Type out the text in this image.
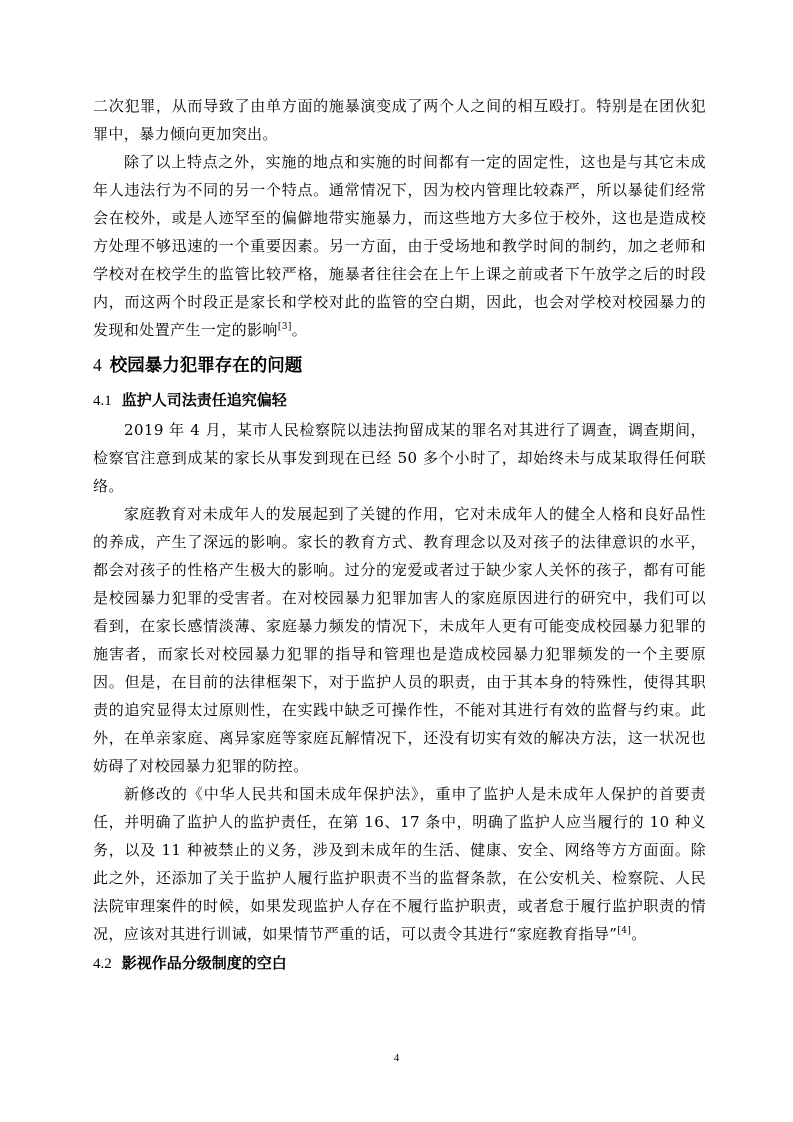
二次犯罪，从而导致了由单方面的施暴演变成了两个人之间的相互殴打。特别是在团伙犯罪中，暴力倾向更加突出。

除了以上特点之外，实施的地点和实施的时间都有一定的固定性，这也是与其它未成年人违法行为不同的另一个特点。通常情况下，因为校内管理比较森严，所以暴徒们经常会在校外，或是人迹罕至的偏僻地带实施暴力，而这些地方大多位于校外，这也是造成校方处理不够迅速的一个重要因素。另一方面，由于受场地和教学时间的制约，加之老师和学校对在校学生的监管比较严格，施暴者往往会在上午上课之前或者下午放学之后的时段内，而这两个时段正是家长和学校对此的监管的空白期，因此，也会对学校对校园暴力的发现和处置产生一定的影响[3]。

4 校园暴力犯罪存在的问题
4.1 监护人司法责任追究偏轻

2019 年 4 月，某市人民检察院以违法拘留成某的罪名对其进行了调查，调查期间，检察官注意到成某的家长从事发到现在已经 50 多个小时了，却始终未与成某取得任何联络。

家庭教育对未成年人的发展起到了关键的作用，它对未成年人的健全人格和良好品性的养成，产生了深远的影响。家长的教育方式、教育理念以及对孩子的法律意识的水平，都会对孩子的性格产生极大的影响。过分的宠爱或者过于缺少家人关怀的孩子，都有可能是校园暴力犯罪的受害者。在对校园暴力犯罪加害人的家庭原因进行的研究中，我们可以看到，在家长感情淡薄、家庭暴力频发的情况下，未成年人更有可能变成校园暴力犯罪的施害者，而家长对校园暴力犯罪的指导和管理也是造成校园暴力犯罪频发的一个主要原因。但是，在目前的法律框架下，对于监护人员的职责，由于其本身的特殊性，使得其职责的追究显得太过原则性，在实践中缺乏可操作性，不能对其进行有效的监督与约束。此外，在单亲家庭、离异家庭等家庭瓦解情况下，还没有切实有效的解决方法，这一状况也妨碍了对校园暴力犯罪的防控。

新修改的《中华人民共和国未成年保护法》，重申了监护人是未成年人保护的首要责任，并明确了监护人的监护责任，在第 16、17 条中，明确了监护人应当履行的 10 种义务，以及 11 种被禁止的义务，涉及到未成年的生活、健康、安全、网络等方方面面。除此之外，还添加了关于监护人履行监护职责不当的监督条款，在公安机关、检察院、人民法院审理案件的时候，如果发现监护人存在不履行监护职责，或者怠于履行监护职责的情况，应该对其进行训诫，如果情节严重的话，可以责令其进行“家庭教育指导”[4]。

4.2 影视作品分级制度的空白
4
